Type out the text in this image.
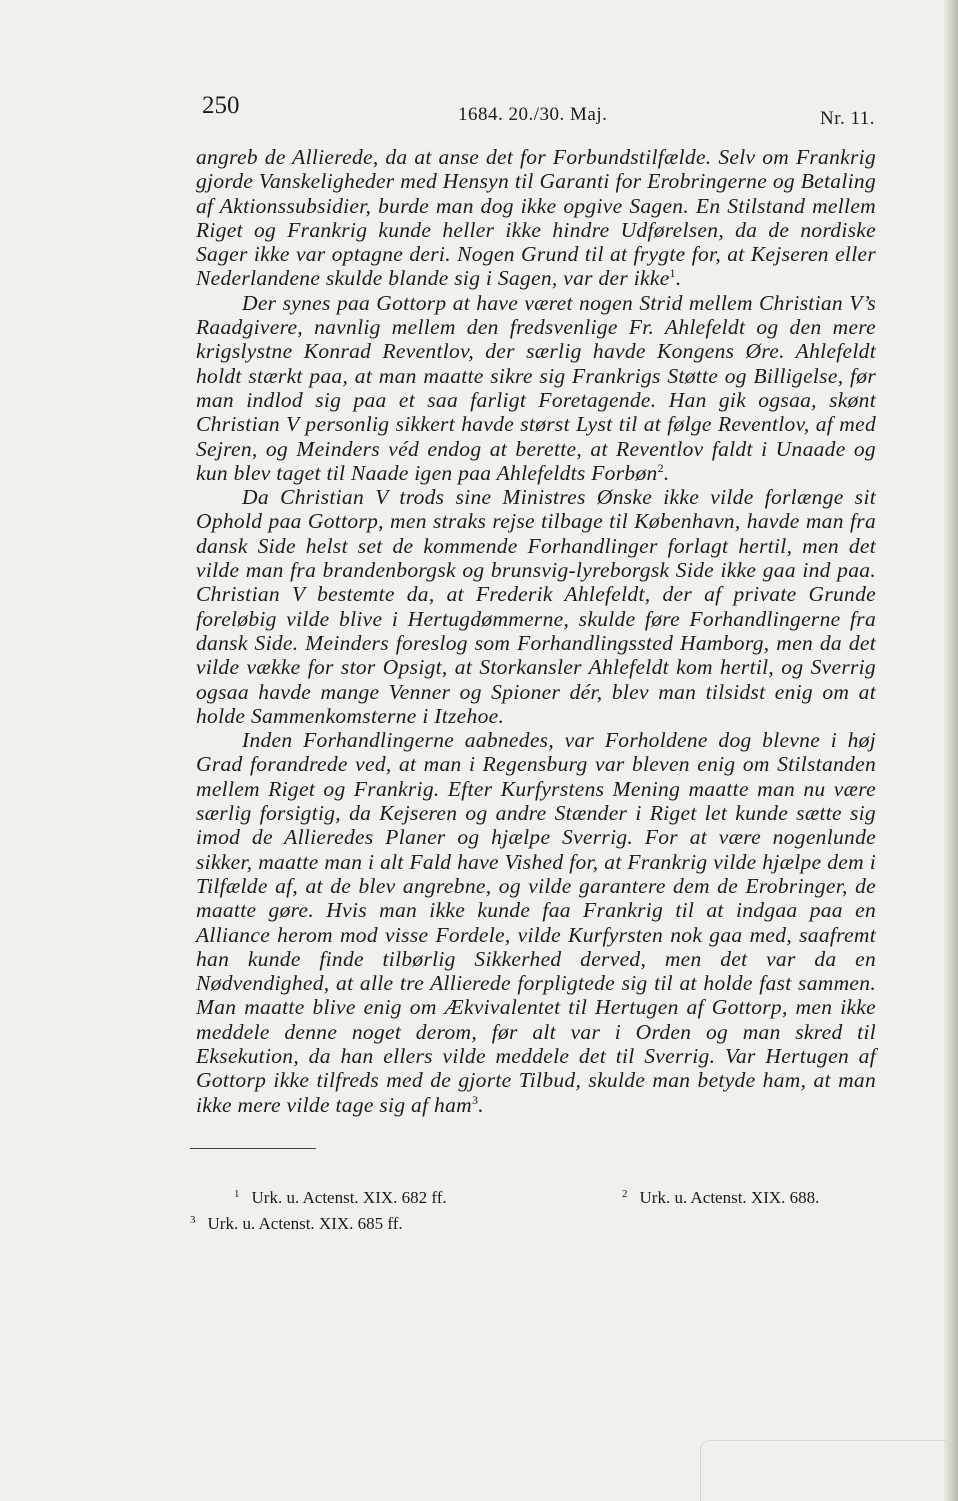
250	1684. 20./30. Maj.	Nr. 11.

angreb de Allierede, da at anse det for Forbundstilfælde. Selv om Frankrig gjorde Vanskeligheder med Hensyn til Garanti for Erobringerne og Betaling af Aktionssubsidier, burde man dog ikke opgive Sagen. En Stilstand mellem Riget og Frankrig kunde heller ikke hindre Udførelsen, da de nordiske Sager ikke var optagne deri. Nogen Grund til at frygte for, at Kejseren eller Nederlandene skulde blande sig i Sagen, var der ikke$^1$.

Der synes paa Gottorp at have været nogen Strid mellem Christian V’s Raadgivere, navnlig mellem den fredsvenlige Fr. Ahlefeldt og den mere krigslystne Konrad Reventlov, der særlig havde Kongens Øre. Ahlefeldt holdt stærkt paa, at man maatte sikre sig Frankrigs Støtte og Billigelse, før man indlod sig paa et saa farligt Foretagende. Han gik ogsaa, skønt Christian V personlig sikkert havde størst Lyst til at følge Reventlov, af med Sejren, og Meinders véd endog at berette, at Reventlov faldt i Unaade og kun blev taget til Naade igen paa Ahlefeldts Forbøn$^2$.

Da Christian V trods sine Ministres Ønske ikke vilde forlænge sit Ophold paa Gottorp, men straks rejse tilbage til København, havde man fra dansk Side helst set de kommende Forhandlinger forlagt hertil, men det vilde man fra brandenborgsk og brunsvig-lyreborgsk Side ikke gaa ind paa. Christian V bestemte da, at Frederik Ahlefeldt, der af private Grunde foreløbig vilde blive i Hertugdømmerne, skulde føre Forhandlingerne fra dansk Side. Meinders foreslog som Forhandlingssted Hamborg, men da det vilde vække for stor Opsigt, at Storkansler Ahlefeldt kom hertil, og Sverrig ogsaa havde mange Venner og Spioner dér, blev man tilsidst enig om at holde Sammenkomsterne i Itzehoe.

Inden Forhandlingerne aabnedes, var Forholdene dog blevne i høj Grad forandrede ved, at man i Regensburg var bleven enig om Stilstanden mellem Riget og Frankrig. Efter Kurfyrstens Mening maatte man nu være særlig forsigtig, da Kejseren og andre Stænder i Riget let kunde sætte sig imod de Allieredes Planer og hjælpe Sverrig. For at være nogenlunde sikker, maatte man i alt Fald have Vished for, at Frankrig vilde hjælpe dem i Tilfælde af, at de blev angrebne, og vilde garantere dem de Erobringer, de maatte gøre. Hvis man ikke kunde faa Frankrig til at indgaa paa en Alliance herom mod visse Fordele, vilde Kurfyrsten nok gaa med, saafremt han kunde finde tilbørlig Sikkerhed derved, men det var da en Nødvendighed, at alle tre Allierede forpligtede sig til at holde fast sammen. Man maatte blive enig om Ækvivalentet til Hertugen af Gottorp, men ikke meddele denne noget derom, før alt var i Orden og man skred til Eksekution, da han ellers vilde meddele det til Sverrig. Var Hertugen af Gottorp ikke tilfreds med de gjorte Tilbud, skulde man betyde ham, at man ikke mere vilde tage sig af ham$^3$.

$^1$ Urk. u. Actenst. XIX. 682 ff.	$^2$ Urk. u. Actenst. XIX. 688.
$^3$ Urk. u. Actenst. XIX. 685 ff.
